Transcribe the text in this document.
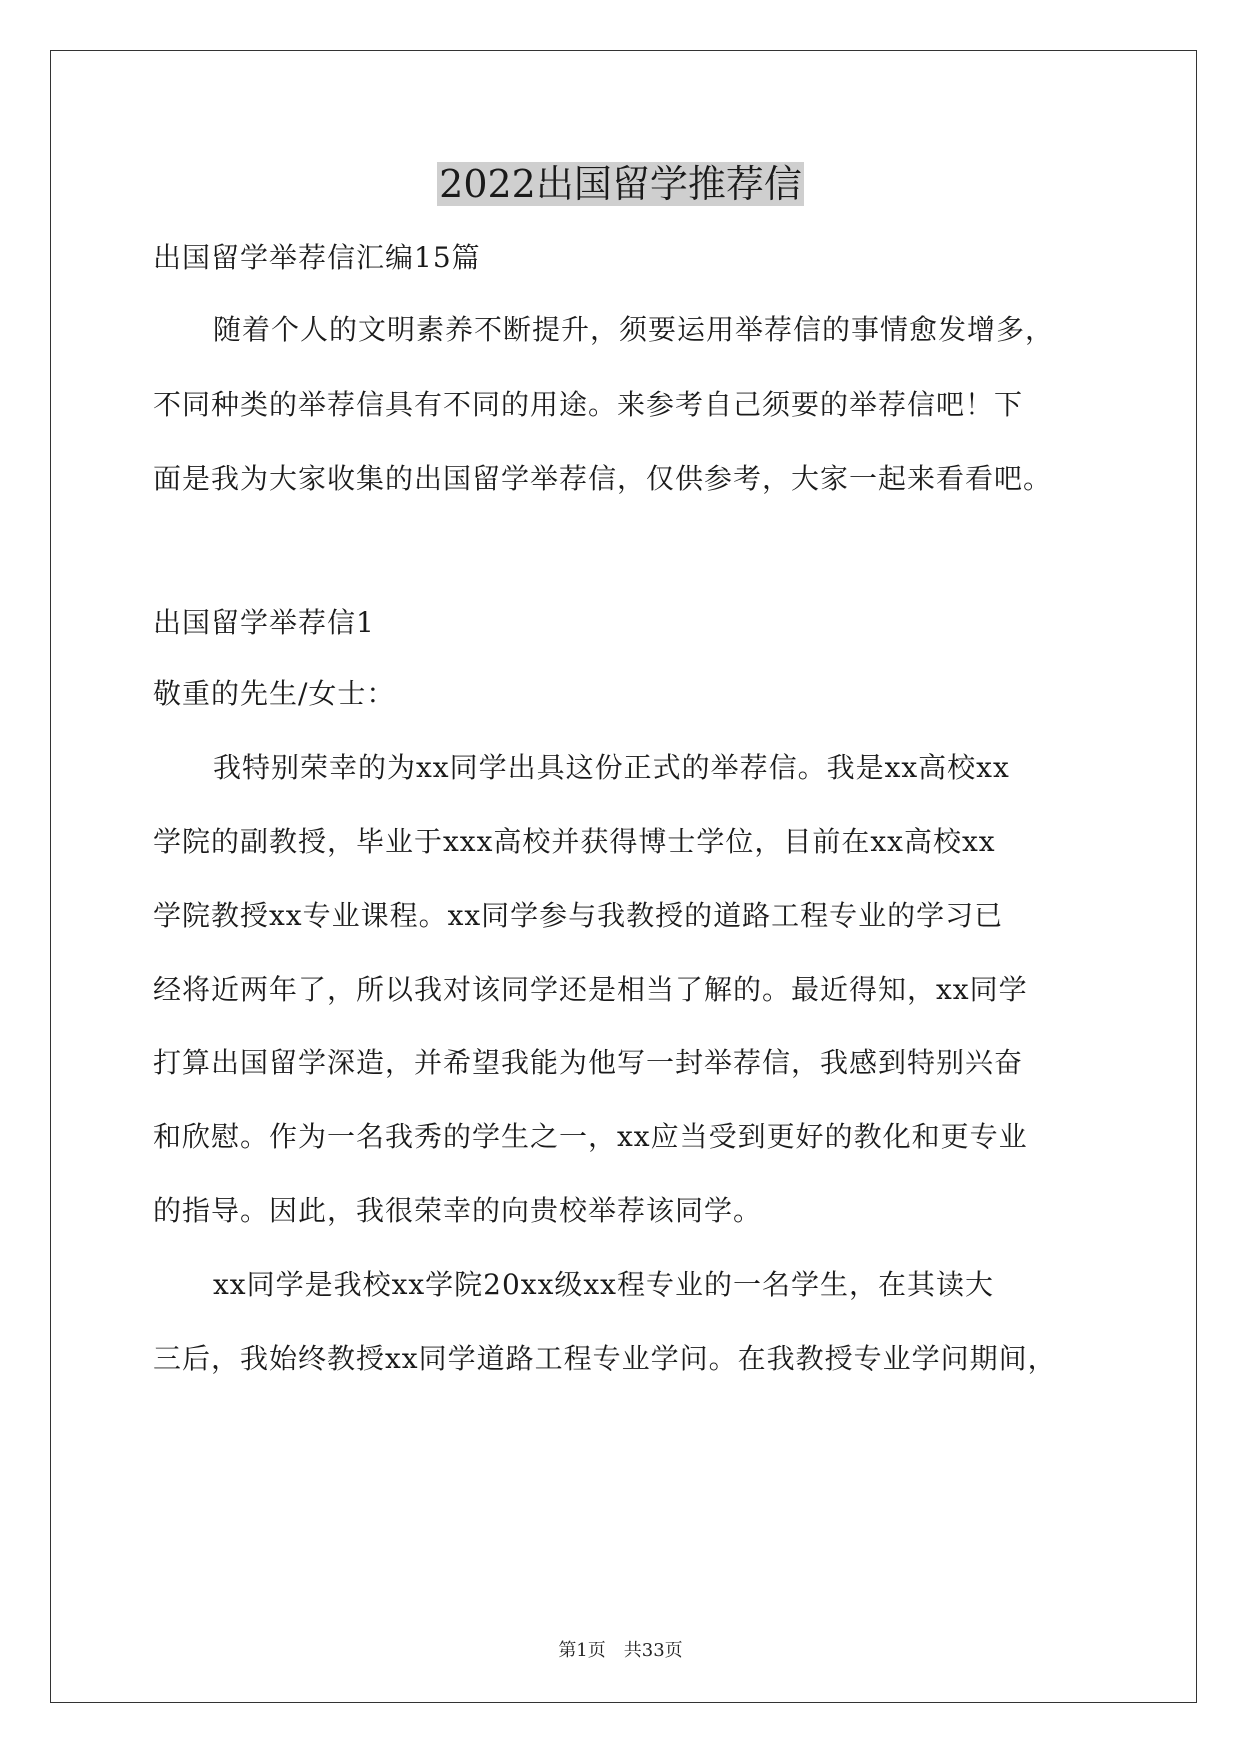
2022出国留学推荐信
出国留学举荐信汇编15篇
随着个人的文明素养不断提升，须要运用举荐信的事情愈发增多，
不同种类的举荐信具有不同的用途。来参考自己须要的举荐信吧！下
面是我为大家收集的出国留学举荐信，仅供参考，大家一起来看看吧。
出国留学举荐信1
敬重的先生/女士：
我特别荣幸的为xx同学出具这份正式的举荐信。我是xx高校xx
学院的副教授，毕业于xxx高校并获得博士学位，目前在xx高校xx
学院教授xx专业课程。xx同学参与我教授的道路工程专业的学习已
经将近两年了，所以我对该同学还是相当了解的。最近得知，xx同学
打算出国留学深造，并希望我能为他写一封举荐信，我感到特别兴奋
和欣慰。作为一名我秀的学生之一，xx应当受到更好的教化和更专业
的指导。因此，我很荣幸的向贵校举荐该同学。
xx同学是我校xx学院20xx级xx程专业的一名学生，在其读大
三后，我始终教授xx同学道路工程专业学问。在我教授专业学问期间，
第1页　共33页
